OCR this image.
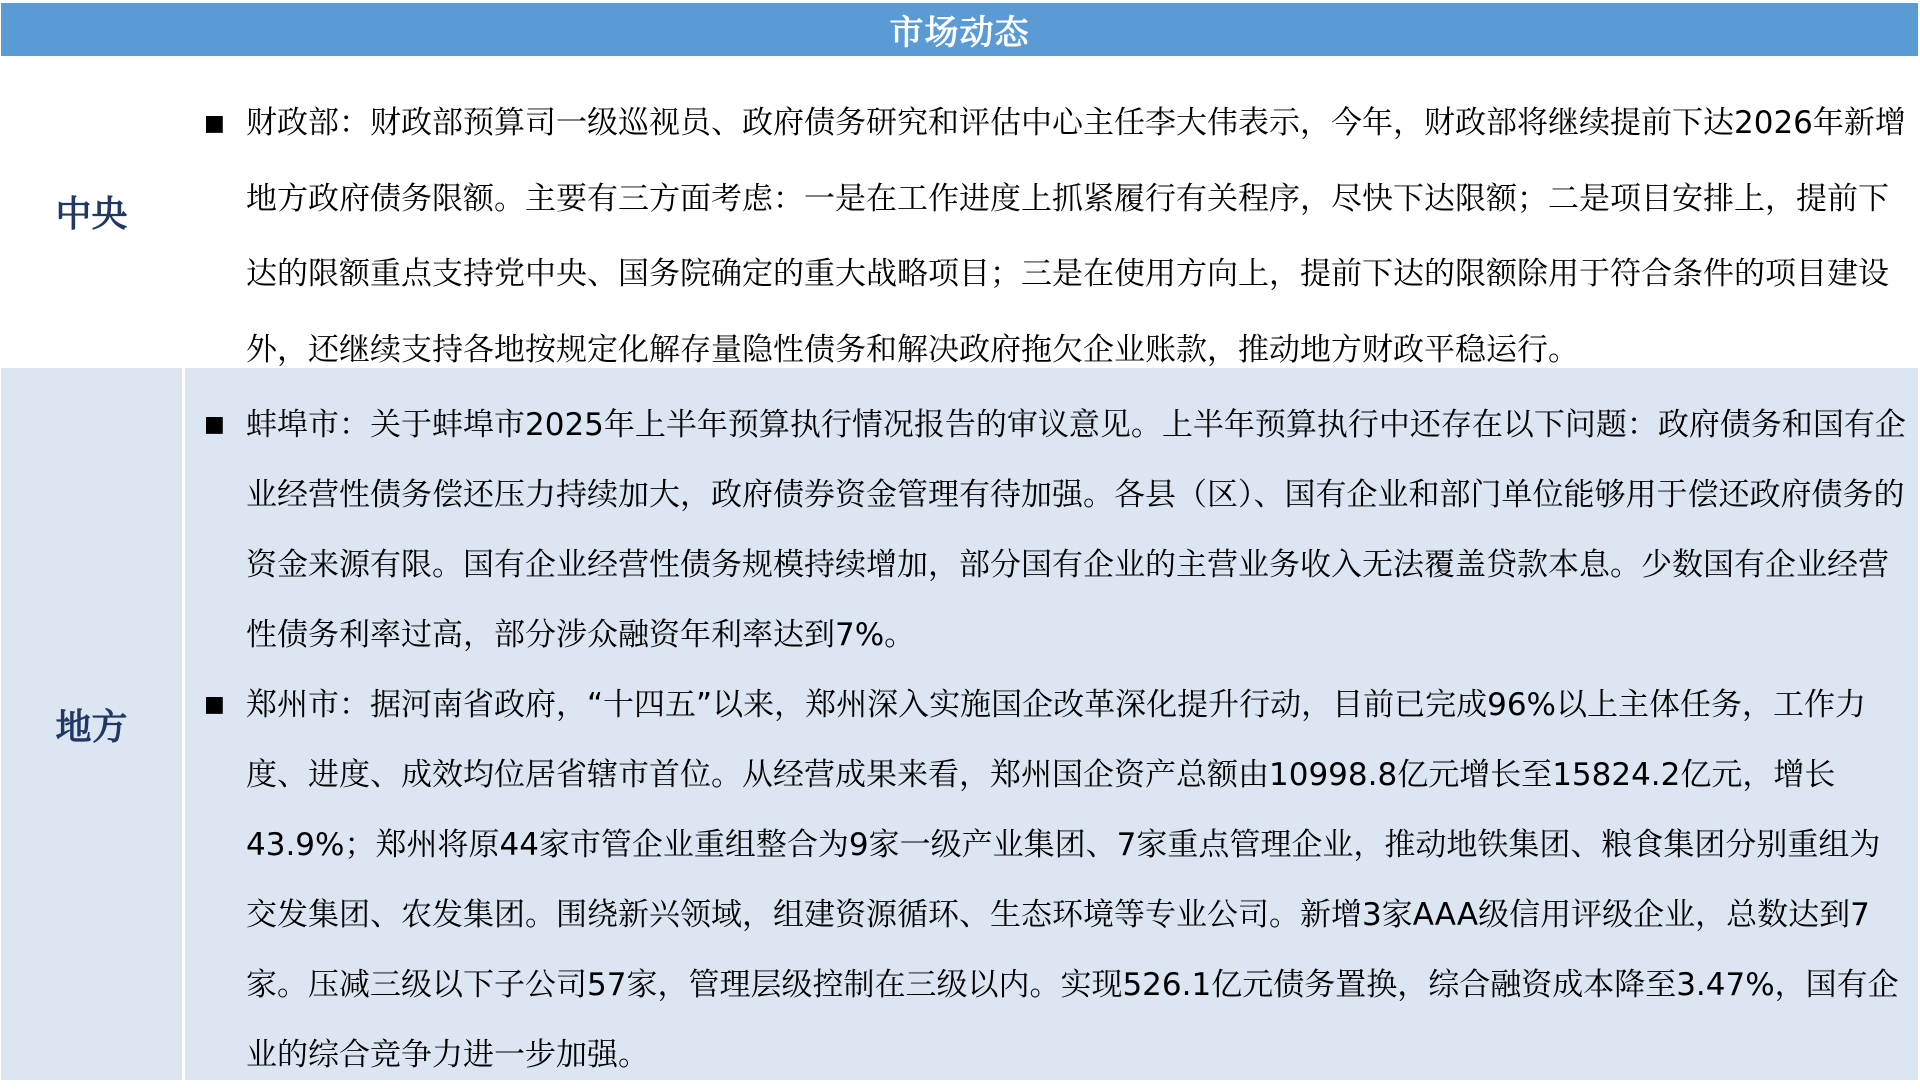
市场动态
中央
■ 财政部：财政部预算司一级巡视员、政府债务研究和评估中心主任李大伟表示，今年，财政部将继续提前下达2026年新增地方政府债务限额。主要有三方面考虑：一是在工作进度上抓紧履行有关程序，尽快下达限额；二是项目安排上，提前下达的限额重点支持党中央、国务院确定的重大战略项目；三是在使用方向上，提前下达的限额除用于符合条件的项目建设外，还继续支持各地按规定化解存量隐性债务和解决政府拖欠企业账款，推动地方财政平稳运行。
地方
■ 蚌埠市：关于蚌埠市2025年上半年预算执行情况报告的审议意见。上半年预算执行中还存在以下问题：政府债务和国有企业经营性债务偿还压力持续加大，政府债券资金管理有待加强。各县（区）、国有企业和部门单位能够用于偿还政府债务的资金来源有限。国有企业经营性债务规模持续增加，部分国有企业的主营业务收入无法覆盖贷款本息。少数国有企业经营性债务利率过高，部分涉众融资年利率达到7%。
■ 郑州市：据河南省政府，“十四五”以来，郑州深入实施国企改革深化提升行动，目前已完成96%以上主体任务，工作力度、进度、成效均位居省辖市首位。从经营成果来看，郑州国企资产总额由10998.8亿元增长至15824.2亿元，增长43.9%；郑州将原44家市管企业重组整合为9家一级产业集团、7家重点管理企业，推动地铁集团、粮食集团分别重组为交发集团、农发集团。围绕新兴领域，组建资源循环、生态环境等专业公司。新增3家AAA级信用评级企业，总数达到7家。压减三级以下子公司57家，管理层级控制在三级以内。实现526.1亿元债务置换，综合融资成本降至3.47%，国有企业的综合竞争力进一步加强。
